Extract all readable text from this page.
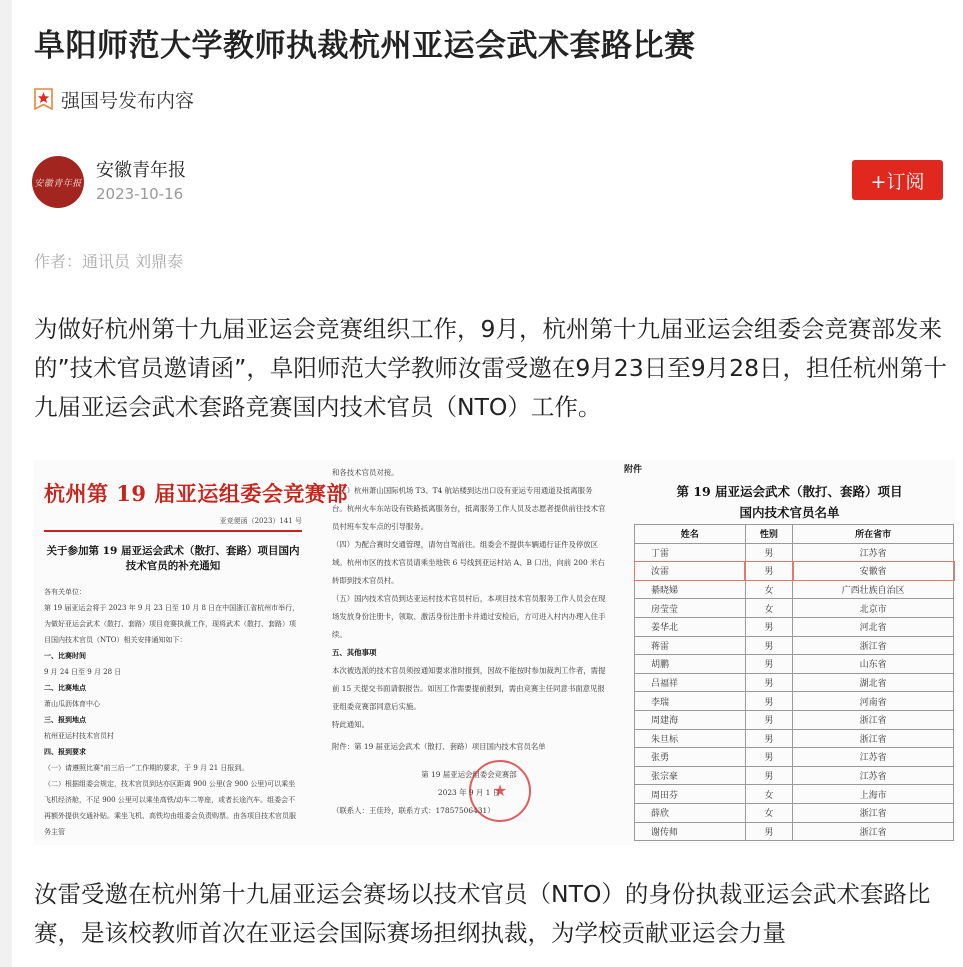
阜阳师范大学教师执裁杭州亚运会武术套路比赛
强国号发布内容
安徽青年报
安徽青年报
2023-10-16
+订阅
作者：通讯员 刘鼎泰

为做好杭州第十九届亚运会竞赛组织工作，9月，杭州第十九届亚运会组委会竞赛部发来的”技术官员邀请函”，阜阳师范大学教师汝雷受邀在9月23日至9月28日，担任杭州第十九届亚运会武术套路竞赛国内技术官员（NTO）工作。

杭州第 19 届亚运组委会竞赛部
亚竞便函（2023）141 号
关于参加第 19 届亚运会武术（散打、套路）项目国内技术官员的补充通知
各有关单位：
第 19 届亚运会将于 2023 年 9 月 23 日至 10 月 8 日在中国浙江省杭州市举行，为做好亚运会武术（散打、套路）项目竞赛执裁工作，现将武术（散打、套路）项目国内技术官员（NTO）相关安排通知如下：
一、比赛时间
9 月 24 日至 9 月 28 日
二、比赛地点
萧山瓜沥体育中心
三、报到地点
杭州亚运村技术官员村
四、报到要求
（一）请遵照比赛“前三后一”工作期的要求，于 9 月 21 日报到。
（二）根据组委会规定，技术官员到达亦区距离 900 公里(含 900 公里)可以乘坐飞机经济舱，不足 900 公里可以乘坐高铁/动车二等座，或者长途汽车。组委会不再额外提供交通补贴。乘坐飞机、高铁均由组委会负责购票。由各项目技术官员服务主管
和各技术官员对接。
（三）杭州萧山国际机场 T3、T4 航站楼到达出口设有亚运专用通道及抵离服务台。杭州火车东站设有铁路抵离服务台，抵离服务工作人员及志愿者提供前往技术官员村班车发车点的引导服务。
（四）为配合赛时交通管理，请勿自驾前往。组委会不提供车辆通行证件及停放区域。杭州市区的技术官员请乘坐地铁 6 号线到亚运村站 A、B 口出，向前 200 米右转即到技术官员村。
（五）国内技术官员到达亚运村技术官员村后，本项目技术官员服务工作人员会在现场发放身份注册卡，领取、激活身份注册卡并通过安检后，方可进入村内办理入住手续。
五、其他事项
本次被选派的技术官员须按通知要求准时报到，因故不能按时参加裁判工作者，需提前 15 天提交书面请假报告。如因工作需要提前报到，需由竞赛主任同意书面意见报亚组委竞赛部同意后实施。
特此通知。
附件：第 19 届亚运会武术（散打、套路）项目国内技术官员名单
第 19 届亚运会组委会竞赛部
2023 年 9 月 1 日
（联系人：王佳玲，联系方式：17857506431）
★
附件
第 19 届亚运会武术（散打、套路）项目
国内技术官员名单
姓名	性别	所在省市
丁雷	男	江苏省
汝雷	男	安徽省
綦晓娣	女	广西壮族自治区
房莹莹	女	北京市
姜华北	男	河北省
蒋雷	男	浙江省
胡鹏	男	山东省
吕福祥	男	湖北省
李瑞	男	河南省
周建海	男	浙江省
朱旦标	男	浙江省
张勇	男	江苏省
张宗豪	男	江苏省
周田芬	女	上海市
薛欣	女	浙江省
谢传师	男	浙江省

汝雷受邀在杭州第十九届亚运会赛场以技术官员（NTO）的身份执裁亚运会武术套路比赛，是该校教师首次在亚运会国际赛场担纲执裁，为学校贡献亚运会力量
